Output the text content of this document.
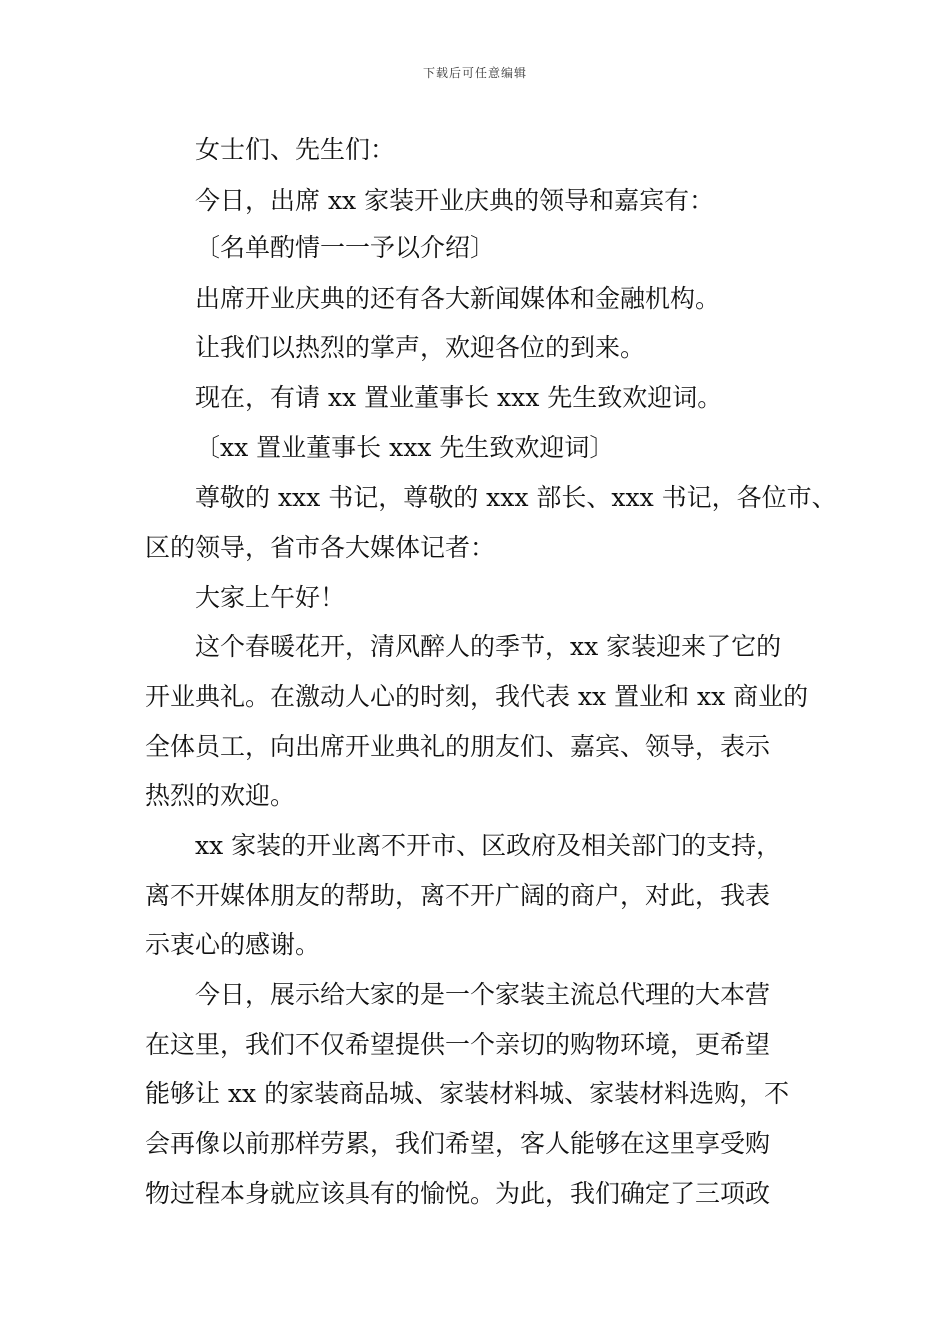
下载后可任意编辑
女士们、先生们：
今日，出席 xx 家装开业庆典的领导和嘉宾有：
〔名单酌情一一予以介绍〕
出席开业庆典的还有各大新闻媒体和金融机构。
让我们以热烈的掌声，欢迎各位的到来。
现在，有请 xx 置业董事长 xxx 先生致欢迎词。
〔xx 置业董事长 xxx 先生致欢迎词〕
尊敬的 xxx 书记，尊敬的 xxx 部长、xxx 书记，各位市、
区的领导，省市各大媒体记者：
大家上午好！
这个春暖花开，清风醉人的季节，xx 家装迎来了它的
开业典礼。在激动人心的时刻，我代表 xx 置业和 xx 商业的
全体员工，向出席开业典礼的朋友们、嘉宾、领导，表示
热烈的欢迎。
xx 家装的开业离不开市、区政府及相关部门的支持，
离不开媒体朋友的帮助，离不开广阔的商户，对此，我表
示衷心的感谢。
今日，展示给大家的是一个家装主流总代理的大本营
在这里，我们不仅希望提供一个亲切的购物环境，更希望
能够让 xx 的家装商品城、家装材料城、家装材料选购，不
会再像以前那样劳累，我们希望，客人能够在这里享受购
物过程本身就应该具有的愉悦。为此，我们确定了三项政
